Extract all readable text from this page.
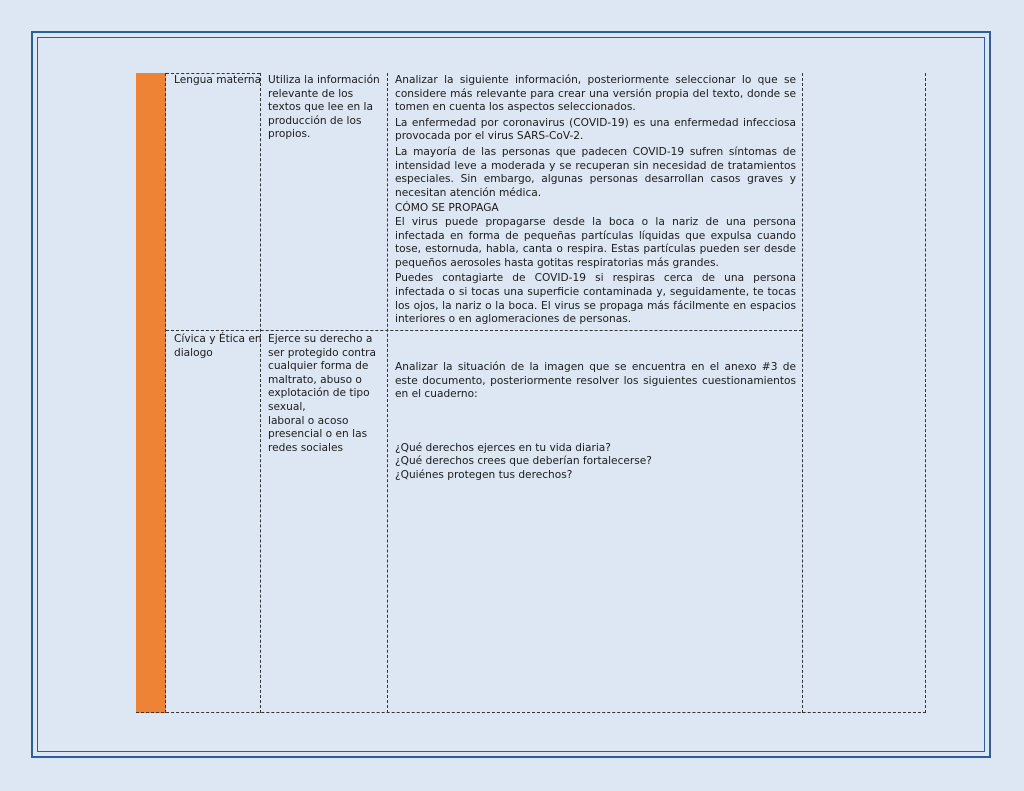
Lengua materna Utiliza la información relevante de los textos que lee en la producción de los propios.

Analizar la siguiente información, posteriormente seleccionar lo que se considere más relevante para crear una versión propia del texto, donde se tomen en cuenta los aspectos seleccionados.

La enfermedad por coronavirus (COVID-19) es una enfermedad infecciosa provocada por el virus SARS-CoV-2.

La mayoría de las personas que padecen COVID-19 sufren síntomas de intensidad leve a moderada y se recuperan sin necesidad de tratamientos especiales. Sin embargo, algunas personas desarrollan casos graves y necesitan atención médica.

CÓMO SE PROPAGA

El virus puede propagarse desde la boca o la nariz de una persona infectada en forma de pequeñas partículas líquidas que expulsa cuando tose, estornuda, habla, canta o respira. Estas partículas pueden ser desde pequeños aerosoles hasta gotitas respiratorias más grandes.

Puedes contagiarte de COVID-19 si respiras cerca de una persona infectada o si tocas una superficie contaminada y, seguidamente, te tocas los ojos, la nariz o la boca. El virus se propaga más fácilmente en espacios interiores o en aglomeraciones de personas.

Cívica y Ética en dialogo
Ejerce su derecho a ser protegido contra cualquier forma de maltrato, abuso o explotación de tipo sexual,
laboral o acoso presencial o en las redes sociales

Analizar la situación de la imagen que se encuentra en el anexo #3 de este documento, posteriormente resolver los siguientes cuestionamientos en el cuaderno:

¿Qué derechos ejerces en tu vida diaria?

¿Qué derechos crees que deberían fortalecerse?

¿Quiénes protegen tus derechos?
